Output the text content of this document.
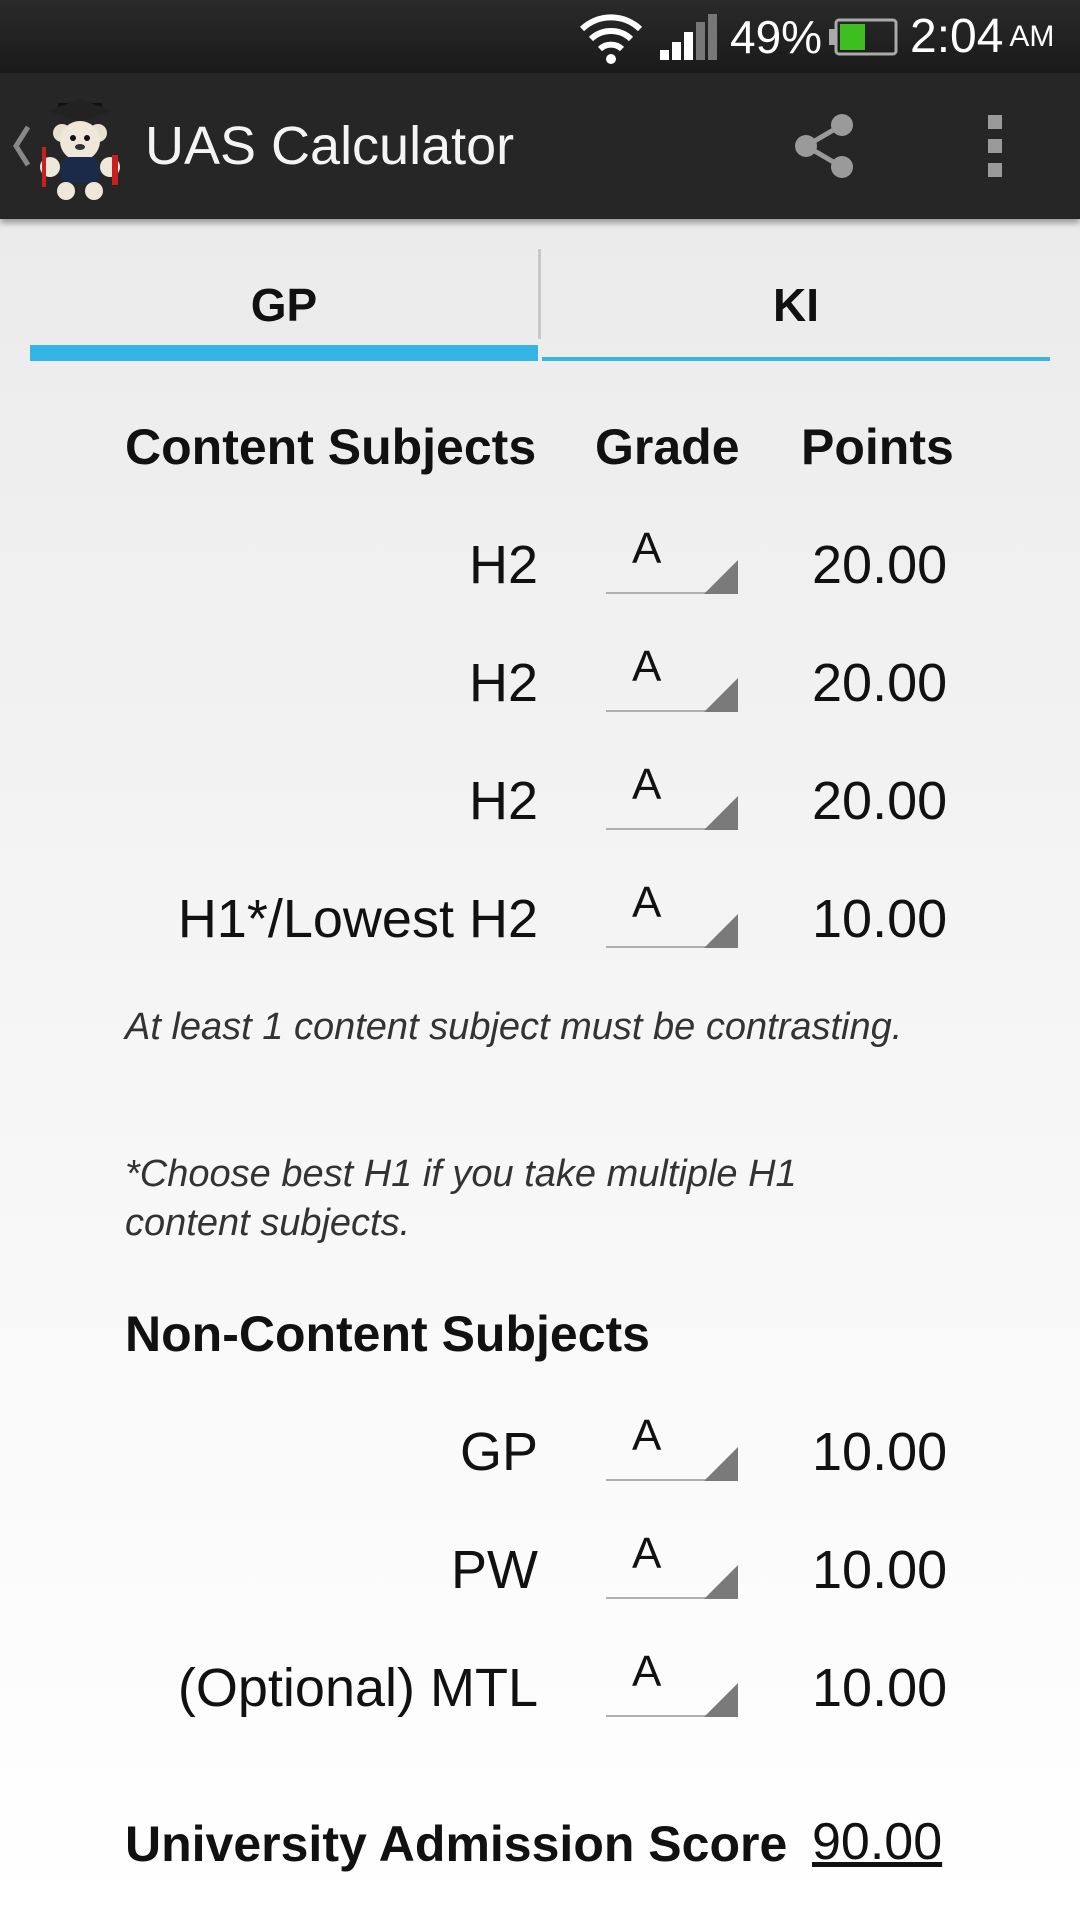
49% 2:04 AM
UAS Calculator
GP	KI
Content Subjects Grade Points
H2 A	20.00
H2 A	20.00
H2 A	20.00
H1*/Lowest H2 A	10.00
At least 1 content subject must be contrasting.
*Choose best H1 if you take multiple H1 content subjects.
Non-Content Subjects
GP A	10.00
PW A	10.00
(Optional) MTL A	10.00
University Admission Score 90.00
